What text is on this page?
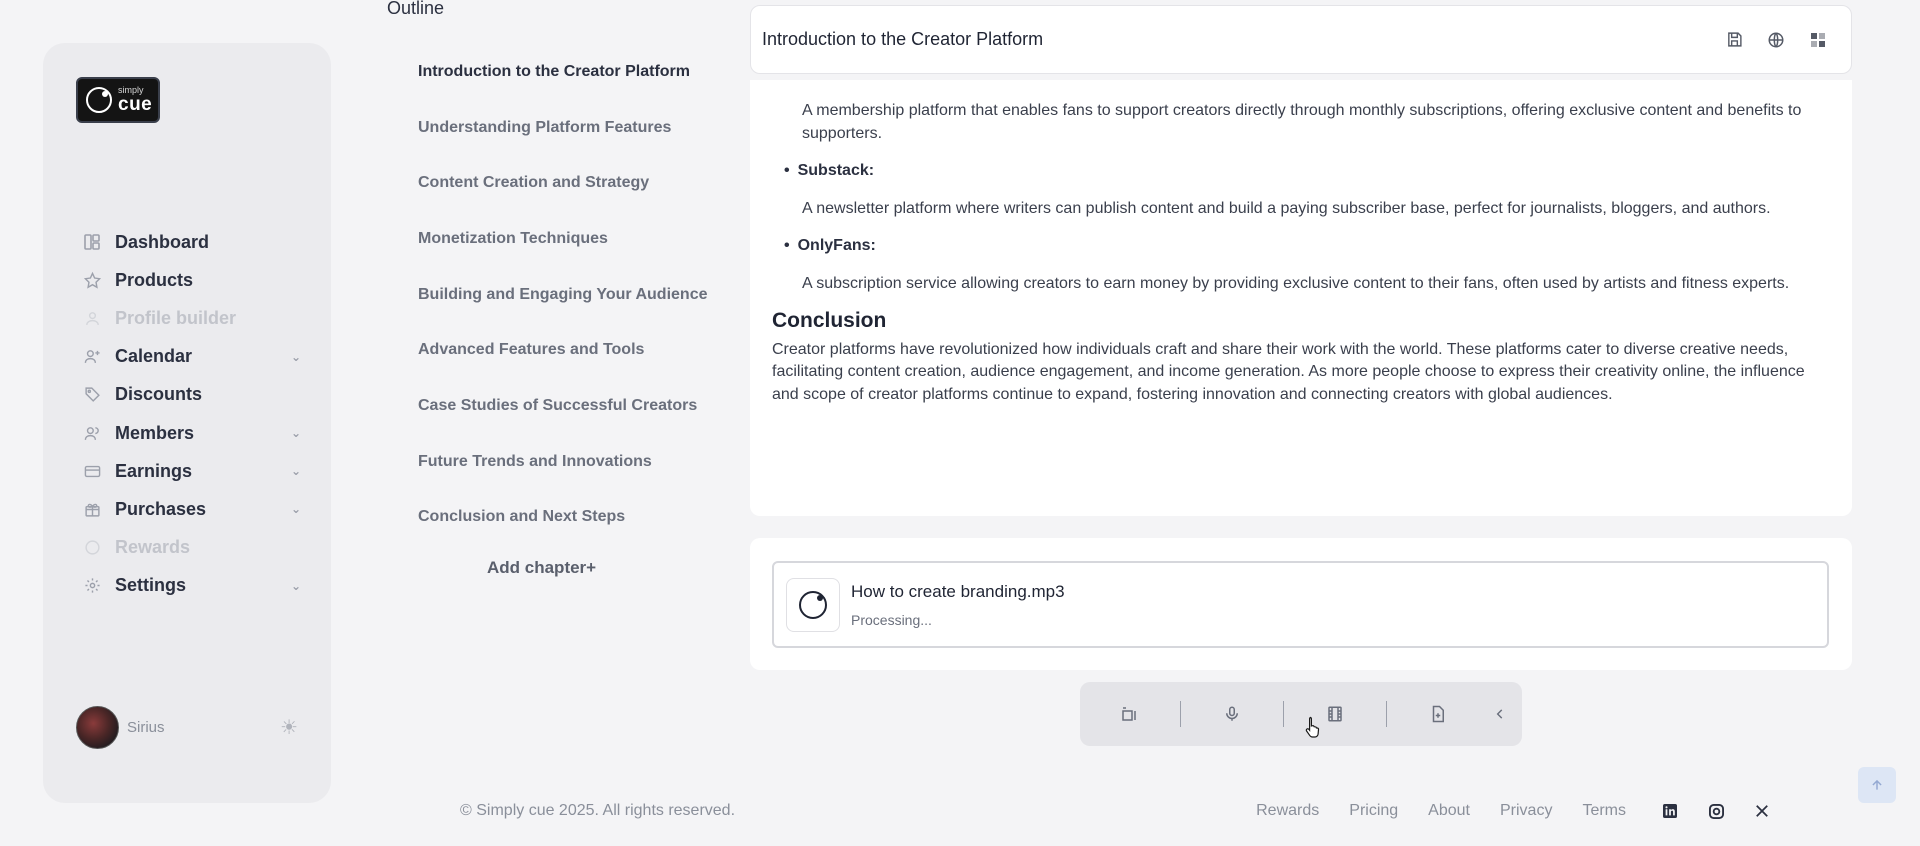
simply
cue
Dashboard
Products
Profile builder
Calendar	⌄
Discounts
Members	⌄
Earnings	⌄
Purchases	⌄
Rewards
Settings	⌄
Sirius	☀
Outline
Introduction to the Creator Platform
Understanding Platform Features
Content Creation and Strategy
Monetization Techniques
Building and Engaging Your Audience
Advanced Features and Tools
Case Studies of Successful Creators
Future Trends and Innovations
Conclusion and Next Steps
Add chapter+
Introduction to the Creator Platform

A membership platform that enables fans to support creators directly through monthly subscriptions, offering exclusive content and benefits to supporters.

• Substack:

A newsletter platform where writers can publish content and build a paying subscriber base, perfect for journalists, bloggers, and authors.

• OnlyFans:

A subscription service allowing creators to earn money by providing exclusive content to their fans, often used by artists and fitness experts.

Conclusion

Creator platforms have revolutionized how individuals craft and share their work with the world. These platforms cater to diverse creative needs, facilitating content creation, audience engagement, and income generation. As more people choose to express their creativity online, the influence and scope of creator platforms continue to expand, fostering innovation and connecting creators with global audiences.

How to create branding.mp3
Processing...
© Simply cue 2025. All rights reserved.	Rewards Pricing About Privacy Terms
